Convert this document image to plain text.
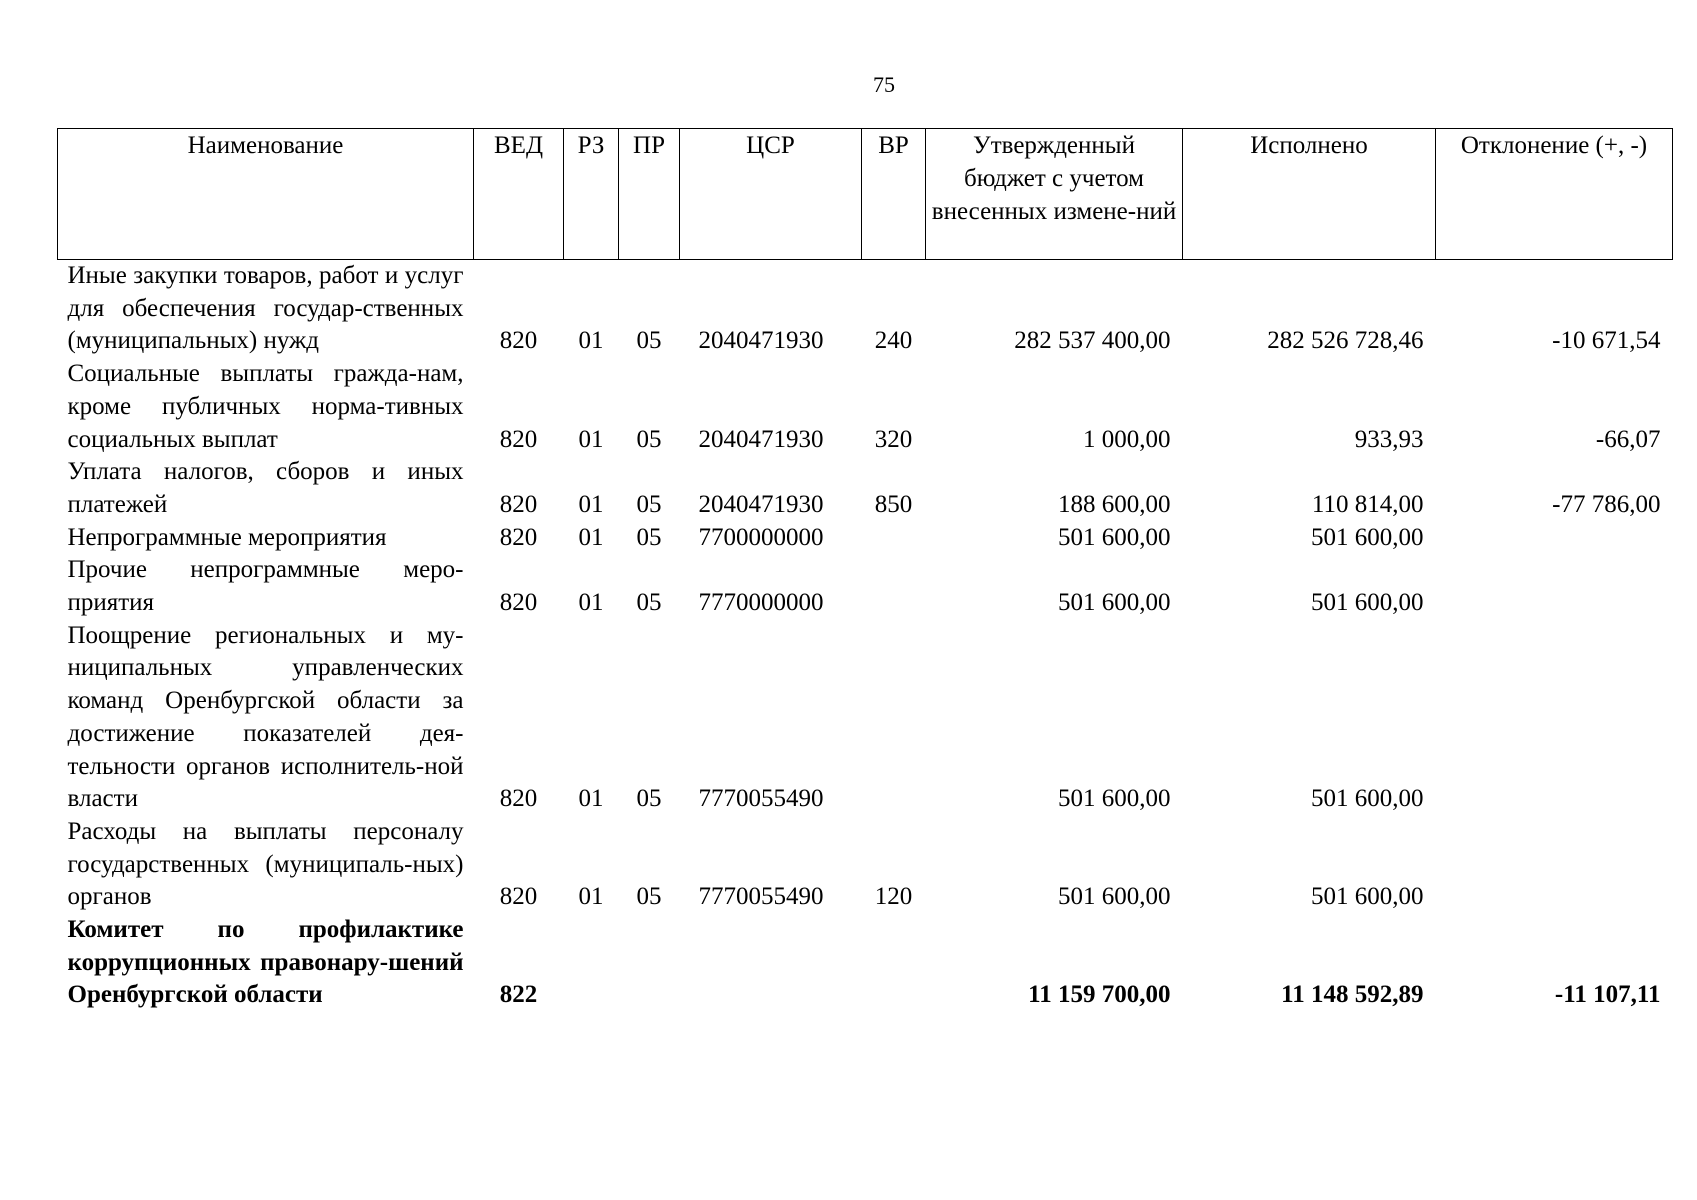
75
Наименование	ВЕД	РЗ	ПР	ЦСР	ВР	Утвержденный бюджет с учетом внесенных измене-ний	Исполнено	Отклонение (+, -)
Иные закупки товаров, работ и услуг для обеспечения государ-ственных (муниципальных) нужд	820	01	05	2040471930	240	282 537 400,00	282 526 728,46	-10 671,54
Социальные выплаты гражда-нам, кроме публичных норма-тивных социальных выплат	820	01	05	2040471930	320	1 000,00	933,93	-66,07
Уплата налогов, сборов и иных платежей	820	01	05	2040471930	850	188 600,00	110 814,00	-77 786,00
Непрограммные мероприятия	820	01	05	7700000000		501 600,00	501 600,00	
Прочие непрограммные меро-приятия	820	01	05	7770000000		501 600,00	501 600,00	
Поощрение региональных и му-ниципальных управленческих команд Оренбургской области за достижение показателей дея-тельности органов исполнитель-ной власти	820	01	05	7770055490		501 600,00	501 600,00	
Расходы на выплаты персоналу государственных (муниципаль-ных) органов	820	01	05	7770055490	120	501 600,00	501 600,00	
Комитет по профилактике коррупционных правонару-шений Оренбургской области	822					11 159 700,00	11 148 592,89	-11 107,11
